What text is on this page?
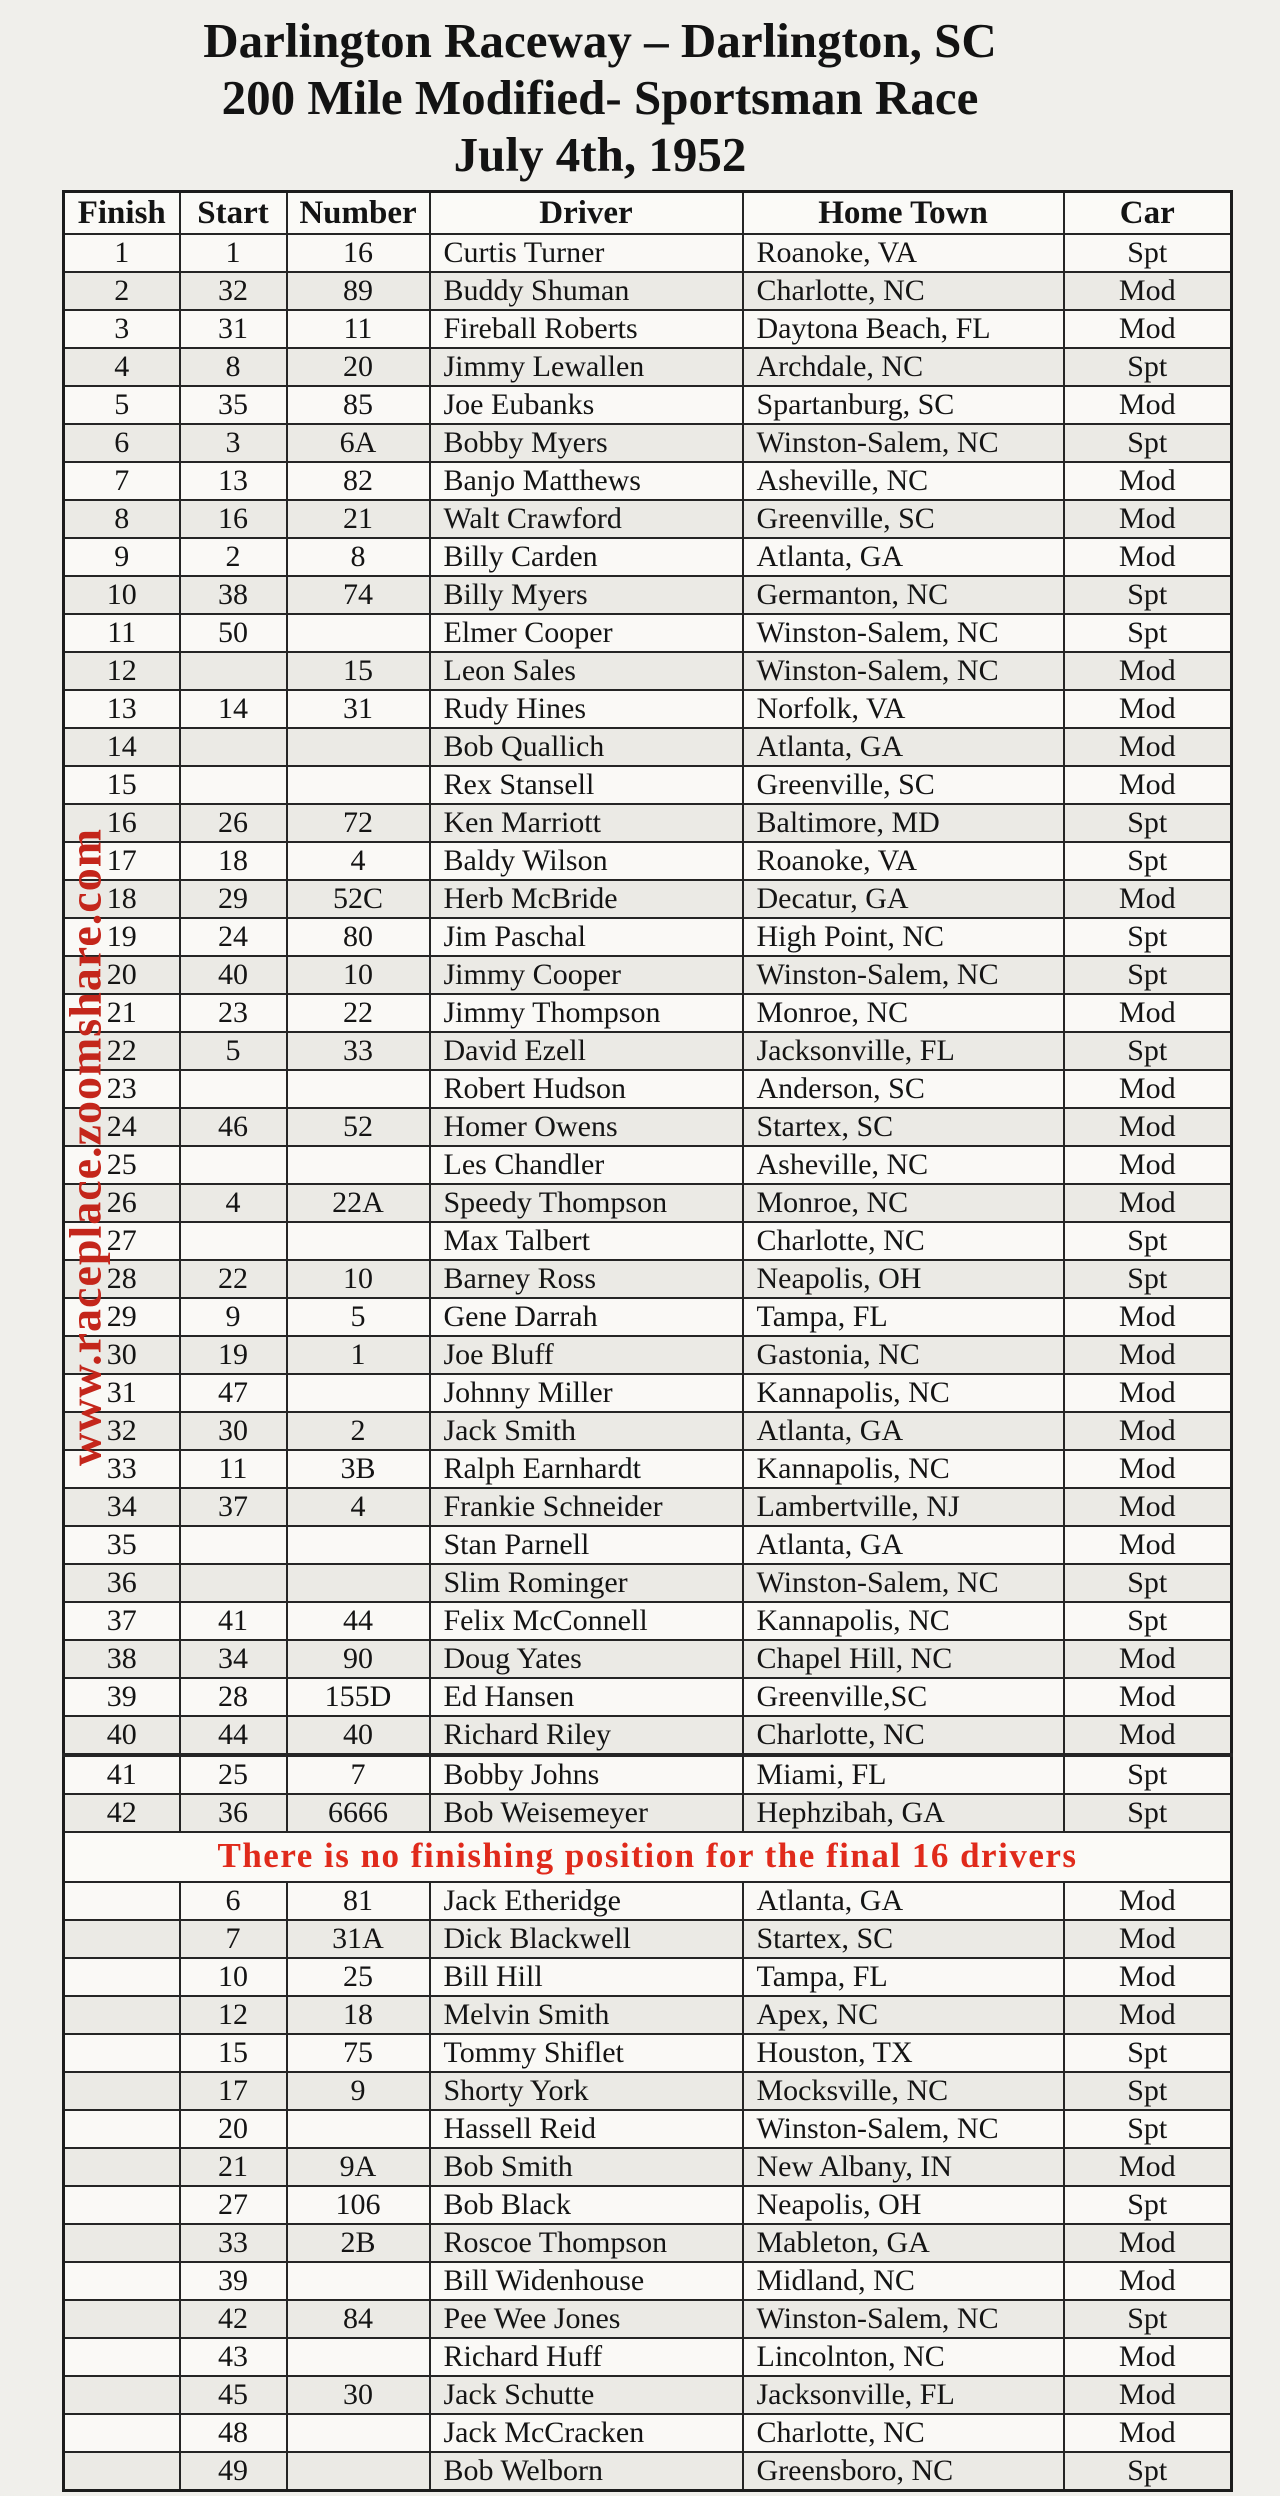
Darlington Raceway – Darlington, SC
200 Mile Modified- Sportsman Race
July 4th, 1952
www.raceplace.zoomshare.com
Finish	Start	Number	Driver	Home Town	Car
1	1	16	Curtis Turner	Roanoke, VA	Spt
2	32	89	Buddy Shuman	Charlotte, NC	Mod
3	31	11	Fireball Roberts	Daytona Beach, FL	Mod
4	8	20	Jimmy Lewallen	Archdale, NC	Spt
5	35	85	Joe Eubanks	Spartanburg, SC	Mod
6	3	6A	Bobby Myers	Winston-Salem, NC	Spt
7	13	82	Banjo Matthews	Asheville, NC	Mod
8	16	21	Walt Crawford	Greenville, SC	Mod
9	2	8	Billy Carden	Atlanta, GA	Mod
10	38	74	Billy Myers	Germanton, NC	Spt
11	50		Elmer Cooper	Winston-Salem, NC	Spt
12		15	Leon Sales	Winston-Salem, NC	Mod
13	14	31	Rudy Hines	Norfolk, VA	Mod
14			Bob Quallich	Atlanta, GA	Mod
15			Rex Stansell	Greenville, SC	Mod
16	26	72	Ken Marriott	Baltimore, MD	Spt
17	18	4	Baldy Wilson	Roanoke, VA	Spt
18	29	52C	Herb McBride	Decatur, GA	Mod
19	24	80	Jim Paschal	High Point, NC	Spt
20	40	10	Jimmy Cooper	Winston-Salem, NC	Spt
21	23	22	Jimmy Thompson	Monroe, NC	Mod
22	5	33	David Ezell	Jacksonville, FL	Spt
23			Robert Hudson	Anderson, SC	Mod
24	46	52	Homer Owens	Startex, SC	Mod
25			Les Chandler	Asheville, NC	Mod
26	4	22A	Speedy Thompson	Monroe, NC	Mod
27			Max Talbert	Charlotte, NC	Spt
28	22	10	Barney Ross	Neapolis, OH	Spt
29	9	5	Gene Darrah	Tampa, FL	Mod
30	19	1	Joe Bluff	Gastonia, NC	Mod
31	47		Johnny Miller	Kannapolis, NC	Mod
32	30	2	Jack Smith	Atlanta, GA	Mod
33	11	3B	Ralph Earnhardt	Kannapolis, NC	Mod
34	37	4	Frankie Schneider	Lambertville, NJ	Mod
35			Stan Parnell	Atlanta, GA	Mod
36			Slim Rominger	Winston-Salem, NC	Spt
37	41	44	Felix McConnell	Kannapolis, NC	Spt
38	34	90	Doug Yates	Chapel Hill, NC	Mod
39	28	155D	Ed Hansen	Greenville,SC	Mod
40	44	40	Richard Riley	Charlotte, NC	Mod
41	25	7	Bobby Johns	Miami, FL	Spt
42	36	6666	Bob Weisemeyer	Hephzibah, GA	Spt
There is no finishing position for the final 16 drivers					
	6	81	Jack Etheridge	Atlanta, GA	Mod
	7	31A	Dick Blackwell	Startex, SC	Mod
	10	25	Bill Hill	Tampa, FL	Mod
	12	18	Melvin Smith	Apex, NC	Mod
	15	75	Tommy Shiflet	Houston, TX	Spt
	17	9	Shorty York	Mocksville, NC	Spt
	20		Hassell Reid	Winston-Salem, NC	Spt
	21	9A	Bob Smith	New Albany, IN	Mod
	27	106	Bob Black	Neapolis, OH	Spt
	33	2B	Roscoe Thompson	Mableton, GA	Mod
	39		Bill Widenhouse	Midland, NC	Mod
	42	84	Pee Wee Jones	Winston-Salem, NC	Spt
	43		Richard Huff	Lincolnton, NC	Mod
	45	30	Jack Schutte	Jacksonville, FL	Mod
	48		Jack McCracken	Charlotte, NC	Mod
	49		Bob Welborn	Greensboro, NC	Spt
